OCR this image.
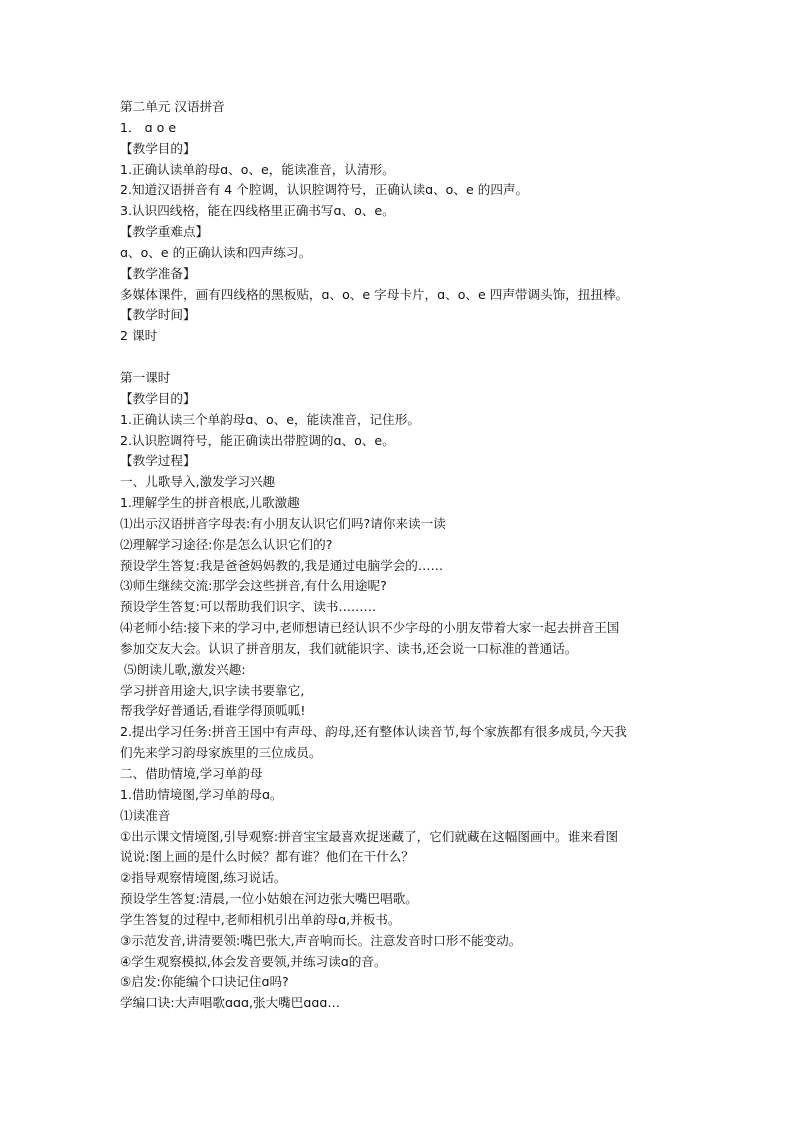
第二单元 汉语拼音
1． ɑ o e
【教学目的】
1.正确认读单韵母ɑ、o、e，能读准音，认清形。
2.知道汉语拼音有 4 个腔调，认识腔调符号，正确认读ɑ、o、e 的四声。
3.认识四线格，能在四线格里正确书写ɑ、o、e。
【教学重难点】
ɑ、o、e 的正确认读和四声练习。
【教学准备】
多媒体课件，画有四线格的黑板贴，ɑ、o、e 字母卡片，ɑ、o、e 四声带调头饰，扭扭棒。
【教学时间】
2 课时
第一课时
【教学目的】
1.正确认读三个单韵母ɑ、o、e，能读准音，记住形。
2.认识腔调符号，能正确读出带腔调的ɑ、o、e。
【教学过程】
一、儿歌导入,激发学习兴趣
1.理解学生的拼音根底,儿歌激趣
⑴出示汉语拼音字母表:有小朋友认识它们吗?请你来读一读
⑵理解学习途径:你是怎么认识它们的?
预设学生答复:我是爸爸妈妈教的,我是通过电脑学会的……
⑶师生继续交流:那学会这些拼音,有什么用途呢?
预设学生答复:可以帮助我们识字、读书………
⑷老师小结:接下来的学习中,老师想请已经认识不少字母的小朋友带着大家一起去拼音王国
参加交友大会。认识了拼音朋友，我们就能识字、读书,还会说一口标准的普通话。
⑸朗读儿歌,激发兴趣:
学习拼音用途大,识字读书要靠它,
帮我学好普通话,看谁学得顶呱呱!
2.提出学习任务:拼音王国中有声母、韵母,还有整体认读音节,每个家族都有很多成员,今天我
们先来学习韵母家族里的三位成员。
二、借助情境,学习单韵母
1.借助情境图,学习单韵母ɑ。
⑴读准音
①出示课文情境图,引导观察:拼音宝宝最喜欢捉迷藏了，它们就藏在这幅图画中。谁来看图
说说:图上画的是什么时候？都有谁？他们在干什么？
②指导观察情境图,练习说话。
预设学生答复:清晨,一位小姑娘在河边张大嘴巴唱歌。
学生答复的过程中,老师相机引出单韵母ɑ,并板书。
③示范发音,讲清要领:嘴巴张大,声音响而长。注意发音时口形不能变动。
④学生观察模拟,体会发音要领,并练习读ɑ的音。
⑤启发:你能编个口诀记住ɑ吗?
学编口诀:大声唱歌ɑɑɑ,张大嘴巴ɑɑɑ…
